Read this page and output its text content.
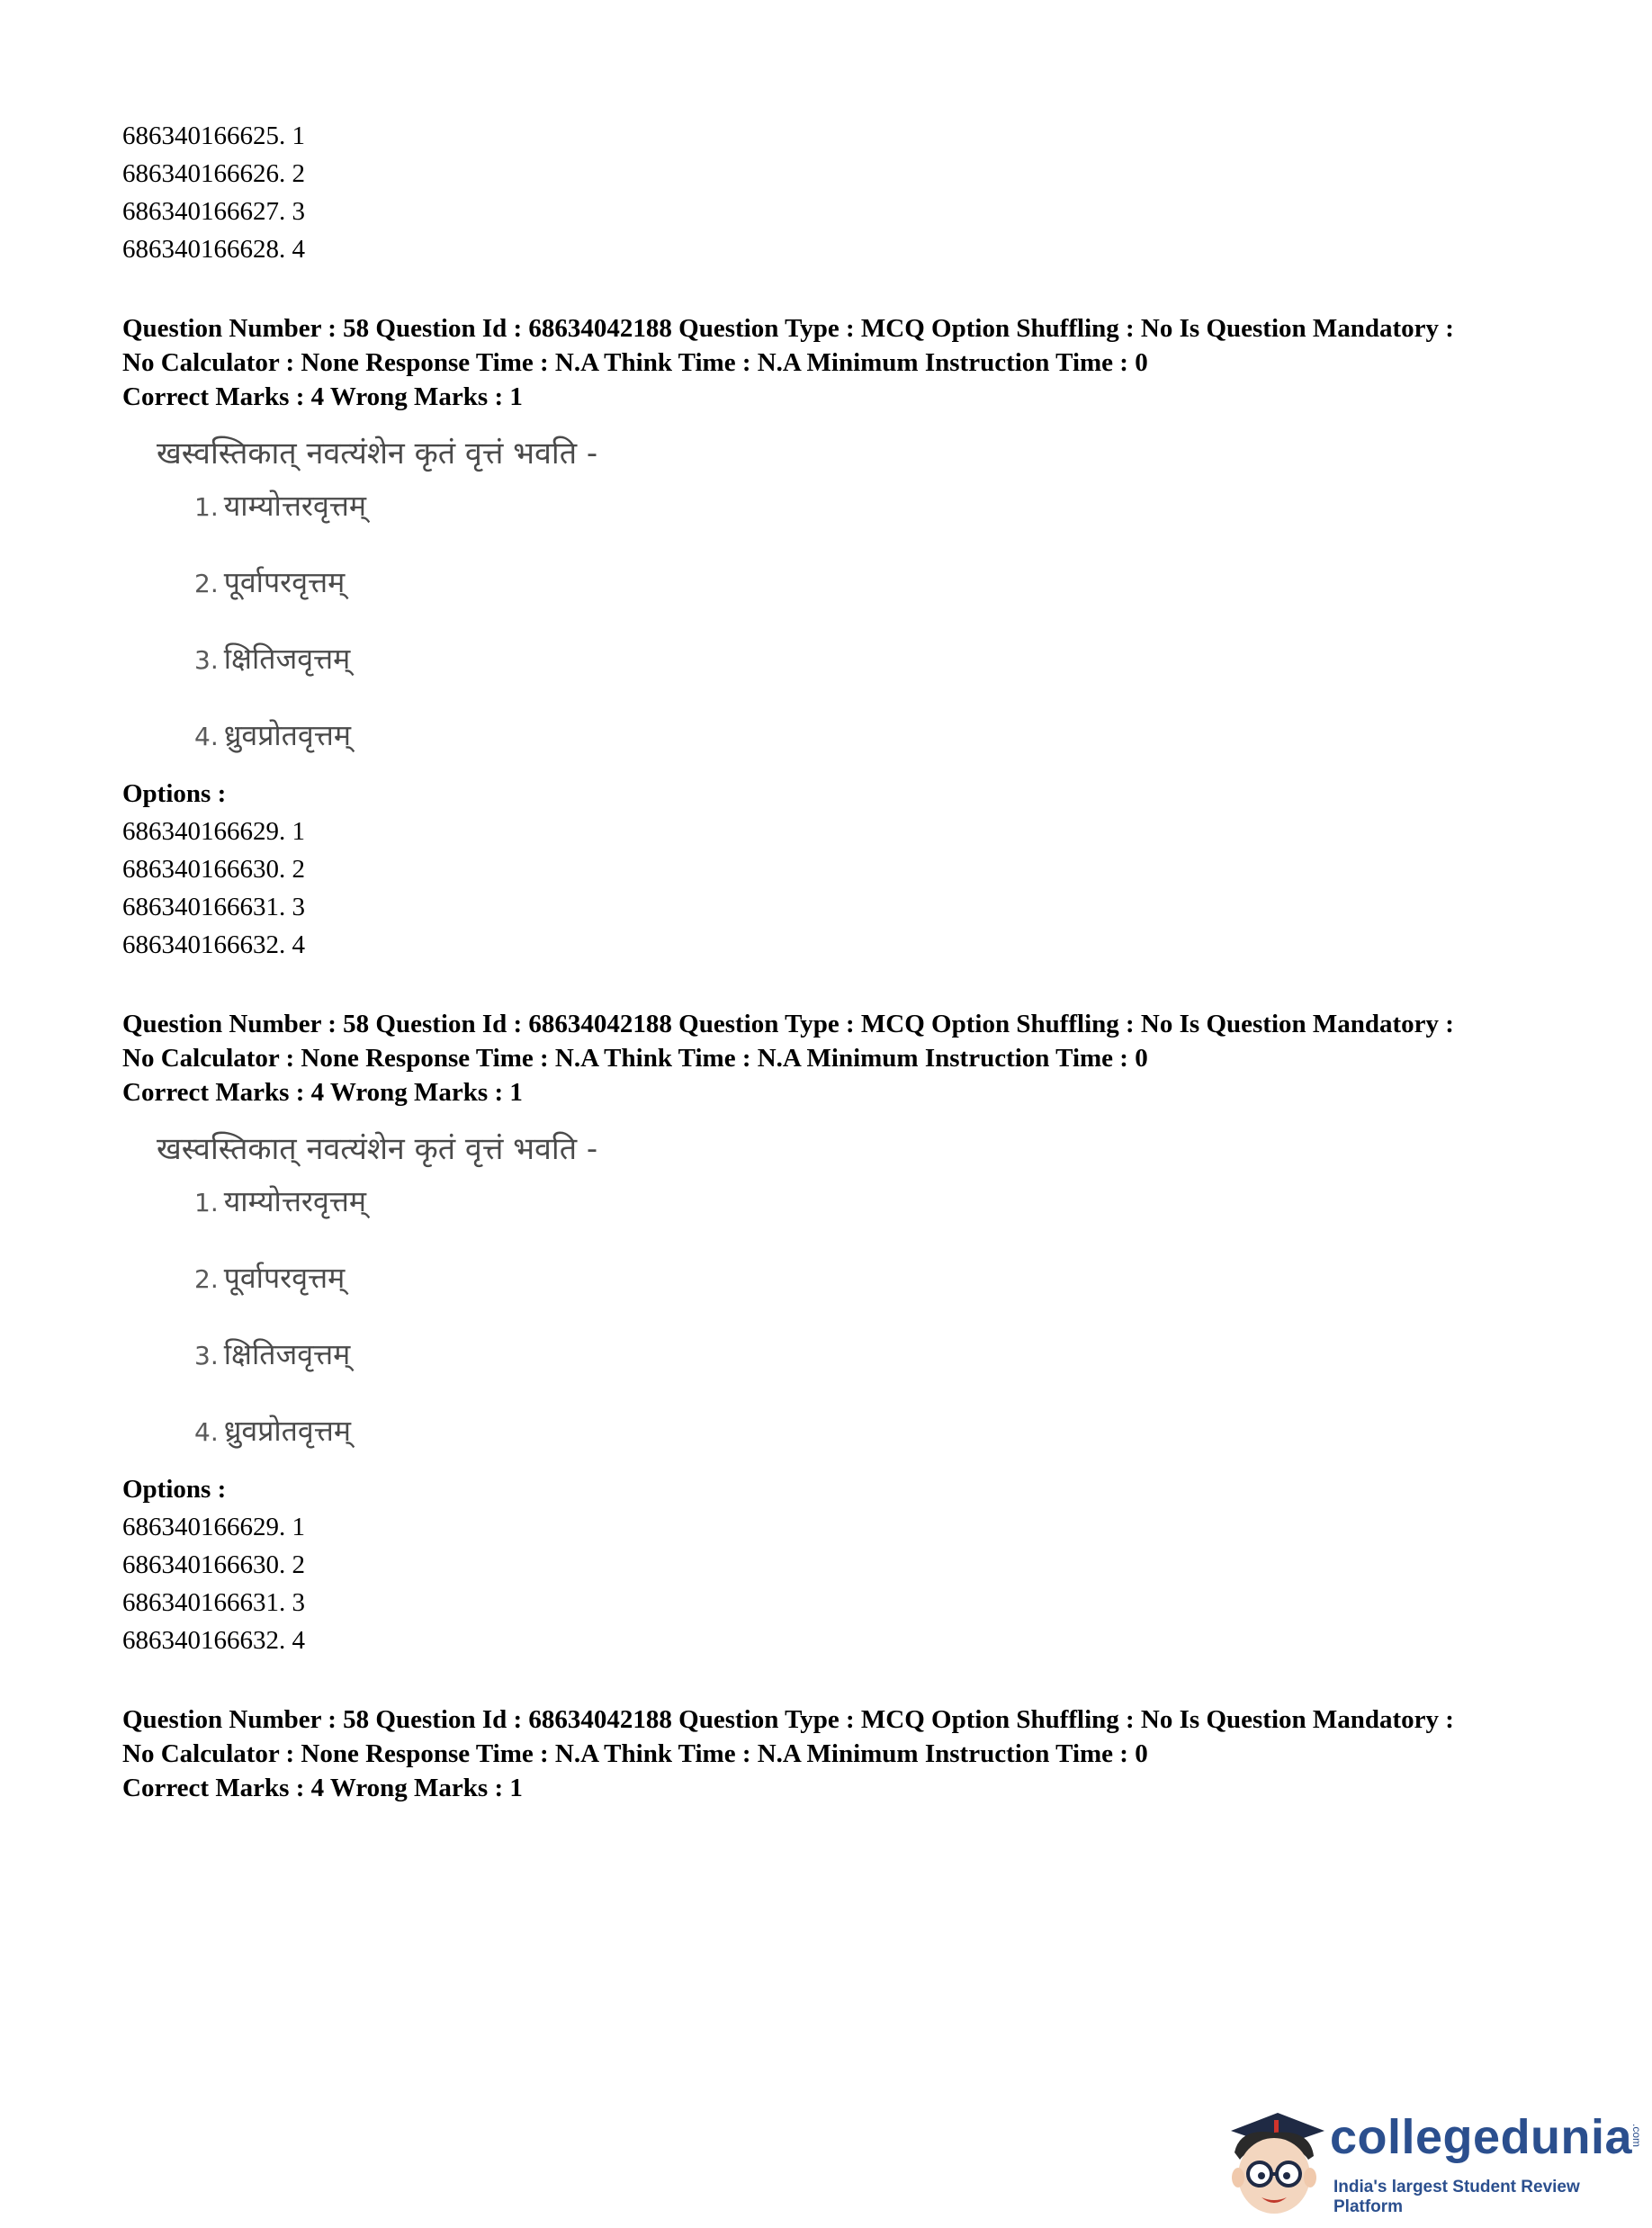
686340166625. 1
686340166626. 2
686340166627. 3
686340166628. 4
Question Number : 58 Question Id : 68634042188 Question Type : MCQ Option Shuffling : No Is Question Mandatory :
No Calculator : None Response Time : N.A Think Time : N.A Minimum Instruction Time : 0
Correct Marks : 4 Wrong Marks : 1
खस्वस्तिकात् नवत्यंशेन कृतं वृत्तं भवति -
1. याम्योत्तरवृत्तम्
2. पूर्वापरवृत्तम्
3. क्षितिजवृत्तम्
4. ध्रुवप्रोतवृत्तम्
Options :
686340166629. 1
686340166630. 2
686340166631. 3
686340166632. 4
Question Number : 58 Question Id : 68634042188 Question Type : MCQ Option Shuffling : No Is Question Mandatory :
No Calculator : None Response Time : N.A Think Time : N.A Minimum Instruction Time : 0
Correct Marks : 4 Wrong Marks : 1
खस्वस्तिकात् नवत्यंशेन कृतं वृत्तं भवति -
1. याम्योत्तरवृत्तम्
2. पूर्वापरवृत्तम्
3. क्षितिजवृत्तम्
4. ध्रुवप्रोतवृत्तम्
Options :
686340166629. 1
686340166630. 2
686340166631. 3
686340166632. 4
Question Number : 58 Question Id : 68634042188 Question Type : MCQ Option Shuffling : No Is Question Mandatory :
No Calculator : None Response Time : N.A Think Time : N.A Minimum Instruction Time : 0
Correct Marks : 4 Wrong Marks : 1
collegedunia
.com
India's largest Student Review Platform
